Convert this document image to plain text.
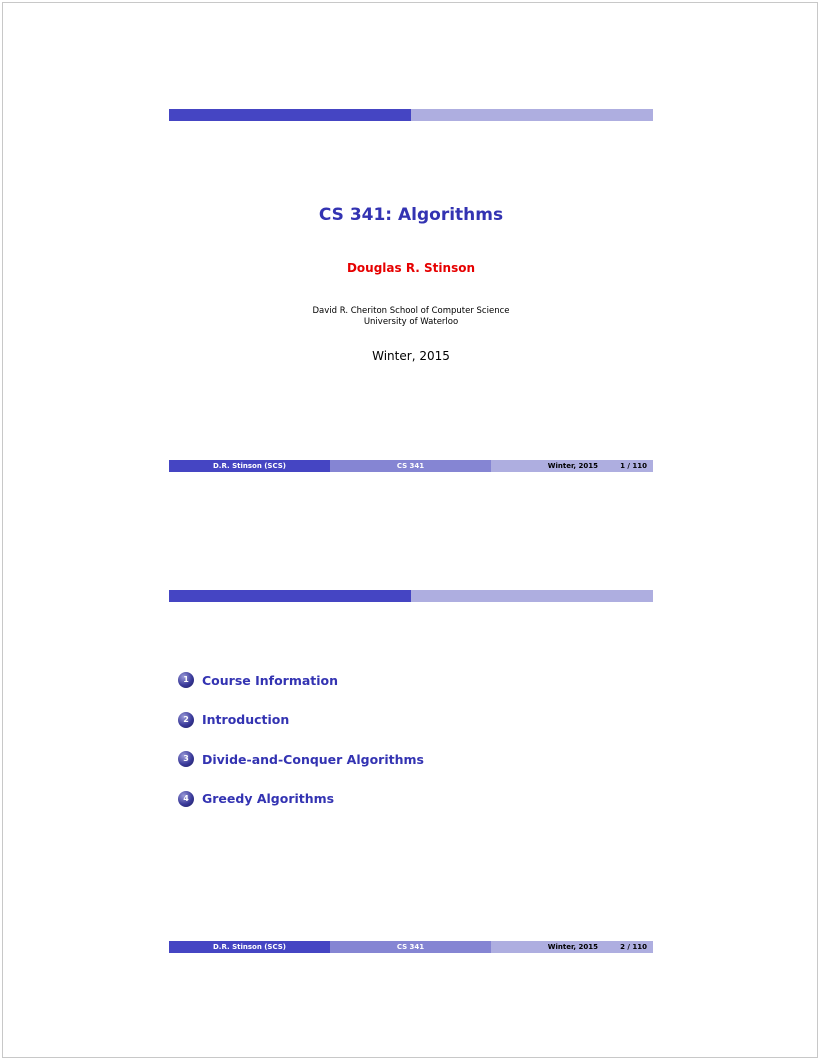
CS 341: Algorithms
Douglas R. Stinson
David R. Cheriton School of Computer Science
University of Waterloo
Winter, 2015
D.R. Stinson (SCS)	CS 341	Winter, 2015	1 / 110
1	Course Information
2	Introduction
3	Divide-and-Conquer Algorithms
4	Greedy Algorithms
D.R. Stinson (SCS)	CS 341	Winter, 2015	2 / 110
